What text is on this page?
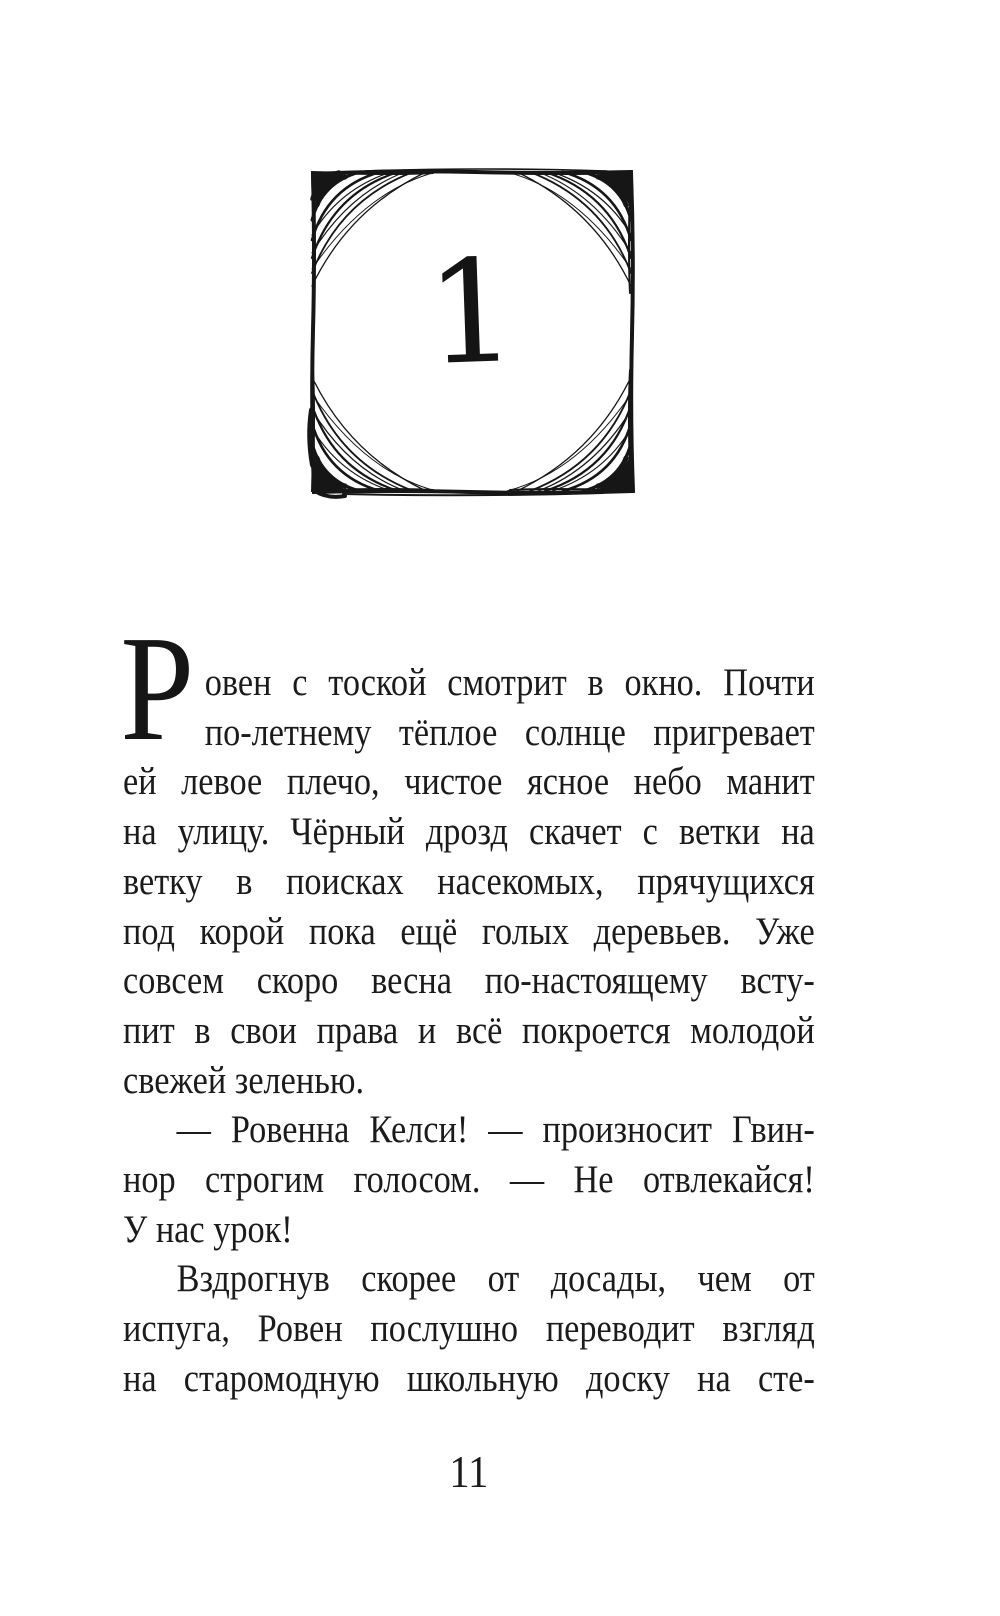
1
Р овен с тоской смотрит в окно. Почти
по-летнему тёплое солнце пригревает
ей левое плечо, чистое ясное небо манит
на улицу. Чёрный дрозд скачет с ветки на
ветку в поисках насекомых, прячущихся
под корой пока ещё голых деревьев. Уже
совсем скоро весна по-настоящему всту-
пит в свои права и всё покроется молодой
свежей зеленью.
— Ровенна Келси! — произносит Гвин-
нор строгим голосом. — Не отвлекайся!
У нас урок!
Вздрогнув скорее от досады, чем от
испуга, Ровен послушно переводит взгляд
на старомодную школьную доску на сте-
11
